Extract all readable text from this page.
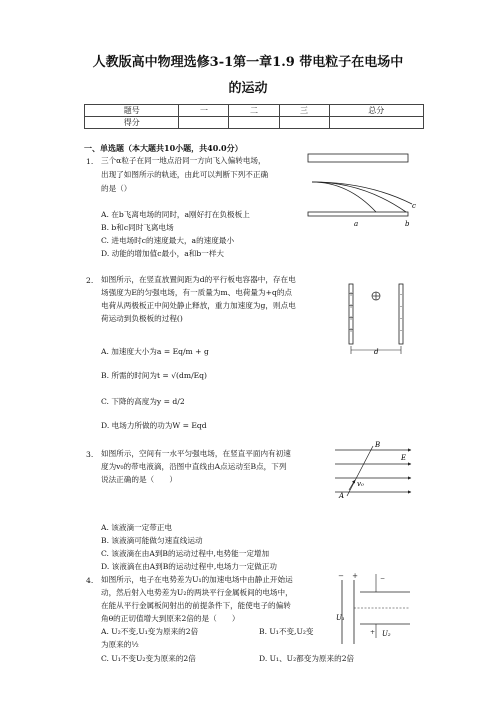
人教版高中物理选修3-1第一章1.9 带电粒子在电场中
的运动
题号	一	二	三	总分
得分				
一、单选题（本大题共10小题，共40.0分）
1. 三个α粒子在同一地点沿同一方向飞入偏转电场，
出现了如图所示的轨迹，由此可以判断下列不正确
的是（）
A. 在b飞离电场的同时，a刚好打在负极板上
B. b和c同时飞离电场
C. 进电场时c的速度最大，a的速度最小
D. 动能的增加值c最小，a和b一样大
a	b
c
2. 如图所示，在竖直放置间距为d的平行板电容器中，存在电
场强度为E的匀强电场，有一质量为m、电荷量为+q的点
电荷从两极板正中间处静止释放，重力加速度为g，则点电
荷运动到负极板的过程()
A. 加速度大小为a = Eq/m + g
B. 所需的时间为t = √(dm/Eq)
C. 下降的高度为y = d/2
D. 电场力所做的功为W = Eqd
+
+
+
+
-
-
-
-
d
3. 如图所示，空间有一水平匀强电场，在竖直平面内有初速
度为v₀的带电液滴，沿图中直线由A点运动至B点，下列
说法正确的是（　　）
A. 该液滴一定带正电
B. 该液滴可能做匀速直线运动
C. 该液滴在由A到B的运动过程中,电势能一定增加
D. 该液滴在由A到B的运动过程中,电场力一定做正功
B
E
A
v₀
4. 如图所示，电子在电势差为U₁的加速电场中由静止开始运
动，然后射入电势差为U₂的两块平行金属板间的电场中，
在能从平行金属板间射出的前提条件下，能使电子的偏转
角θ的正切值增大到原来2倍的是（　　）
A. U₂不变,U₁变为原来的2倍	B. U₁不变,U₂变
为原来的½
C. U₁不变U₂变为原来的2倍	D. U₁、U₂都变为原来的2倍
− +	−
+
U₁
U₂
